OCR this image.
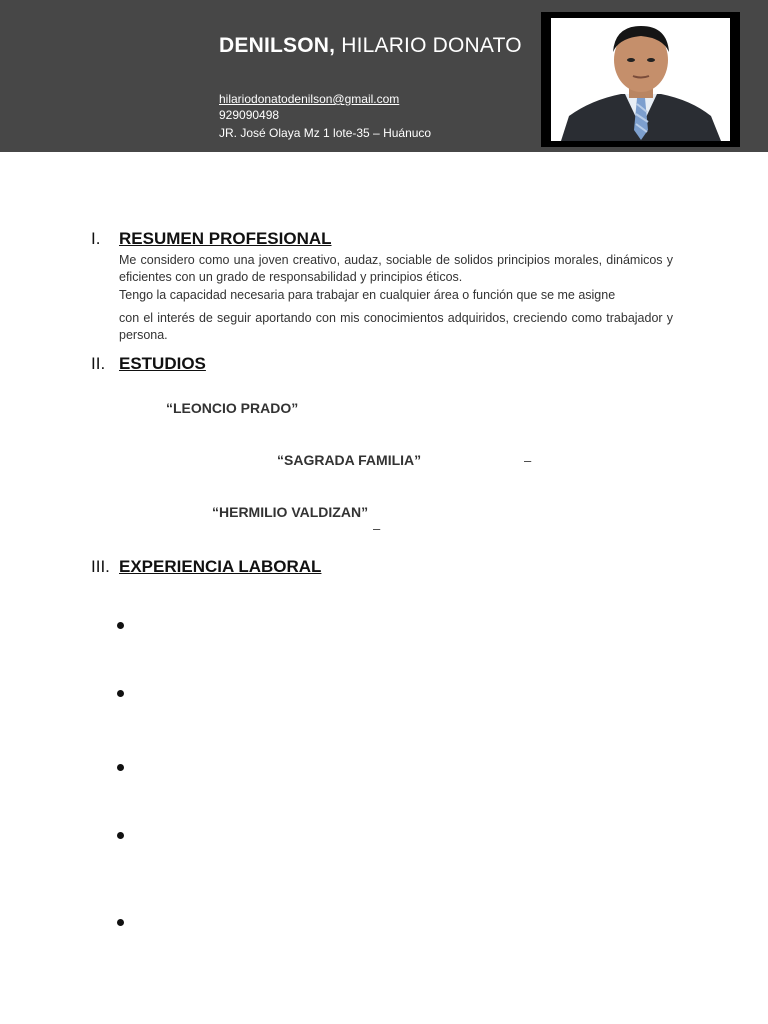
DENILSON, HILARIO DONATO
hilariodonatodenilson@gmail.com
929090498
JR. José Olaya Mz 1 lote-35 – Huánuco
I. RESUMEN PROFESIONAL
Me considero como una joven creativo, audaz, sociable de solidos principios morales, dinámicos y eficientes con un grado de responsabilidad y principios éticos.
Tengo la capacidad necesaria para trabajar en cualquier área o función que se me asigne
con el interés de seguir aportando con mis conocimientos adquiridos, creciendo como trabajador y persona.
II. ESTUDIOS
“LEONCIO PRADO”
“SAGRADA FAMILIA”	–
“HERMILIO VALDIZAN”
–
III. EXPERIENCIA LABORAL
